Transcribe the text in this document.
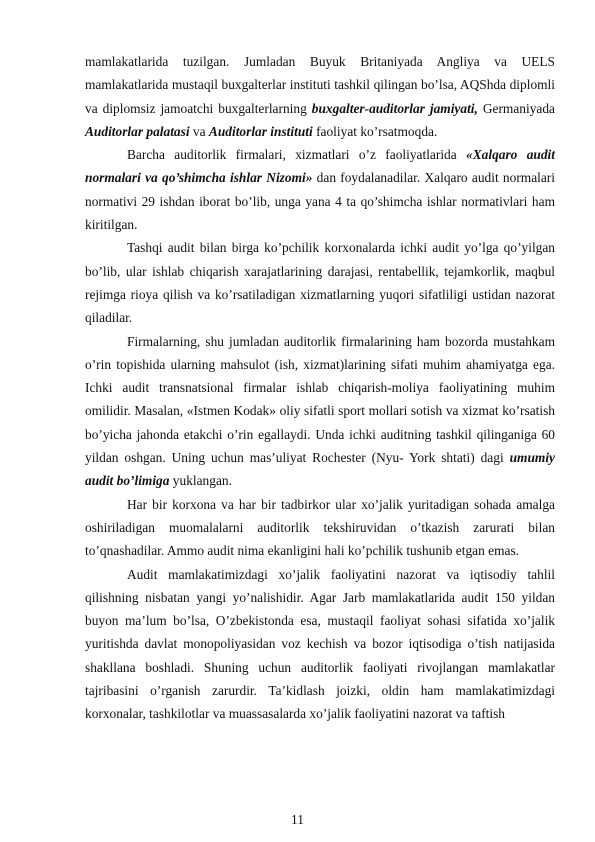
mamlakatlarida tuzilgan. Jumladan Buyuk Britaniyada Angliya va UELS mamlakatlarida mustaqil buxgalterlar instituti tashkil qilingan bo’lsa, AQShda diplomli va diplomsiz jamoatchi buxgalterlarning buxgalter-auditorlar jamiyati, Germaniyada Auditorlar palatasi va Auditorlar instituti faoliyat ko’rsatmoqda.

Barcha auditorlik firmalari, xizmatlari o’z faoliyatlarida «Xalqaro audit normalari va qo’shimcha ishlar Nizomi» dan foydalanadilar. Xalqaro audit normalari normativi 29 ishdan iborat bo’lib, unga yana 4 ta qo’shimcha ishlar normativlari ham kiritilgan.

Tashqi audit bilan birga ko’pchilik korxonalarda ichki audit yo’lga qo’yilgan bo’lib, ular ishlab chiqarish xarajatlarining darajasi, rentabellik, tejamkorlik, maqbul rejimga rioya qilish va ko’rsatiladigan xizmatlarning yuqori sifatliligi ustidan nazorat qiladilar.

Firmalarning, shu jumladan auditorlik firmalarining ham bozorda mustahkam o’rin topishida ularning mahsulot (ish, xizmat)larining sifati muhim ahamiyatga ega. Ichki audit transnatsional firmalar ishlab chiqarish-moliya faoliyatining muhim omilidir. Masalan, «Istmen Kodak» oliy sifatli sport mollari sotish va xizmat ko’rsatish bo’yicha jahonda etakchi o’rin egallaydi. Unda ichki auditning tashkil qilinganiga 60 yildan oshgan. Uning uchun mas’uliyat Rochester (Nyu- York shtati) dagi umumiy audit bo’limiga yuklangan.

Har bir korxona va har bir tadbirkor ular xo’jalik yuritadigan sohada amalga oshiriladigan muomalalarni auditorlik tekshiruvidan o’tkazish zarurati bilan to’qnashadilar. Ammo audit nima ekanligini hali ko’pchilik tushunib etgan emas.

Audit mamlakatimizdagi xo’jalik faoliyatini nazorat va iqtisodiy tahlil qilishning nisbatan yangi yo’nalishidir. Agar Jarb mamlakatlarida audit 150 yildan buyon ma’lum bo’lsa, O’zbekistonda esa, mustaqil faoliyat sohasi sifatida xo’jalik yuritishda davlat monopoliyasidan voz kechish va bozor iqtisodiga o’tish natijasida shakllana boshladi. Shuning uchun auditorlik faoliyati rivojlangan mamlakatlar tajribasini o’rganish zarurdir. Ta’kidlash joizki, oldin ham mamlakatimizdagi korxonalar, tashkilotlar va muassasalarda xo’jalik faoliyatini nazorat va taftish

11
